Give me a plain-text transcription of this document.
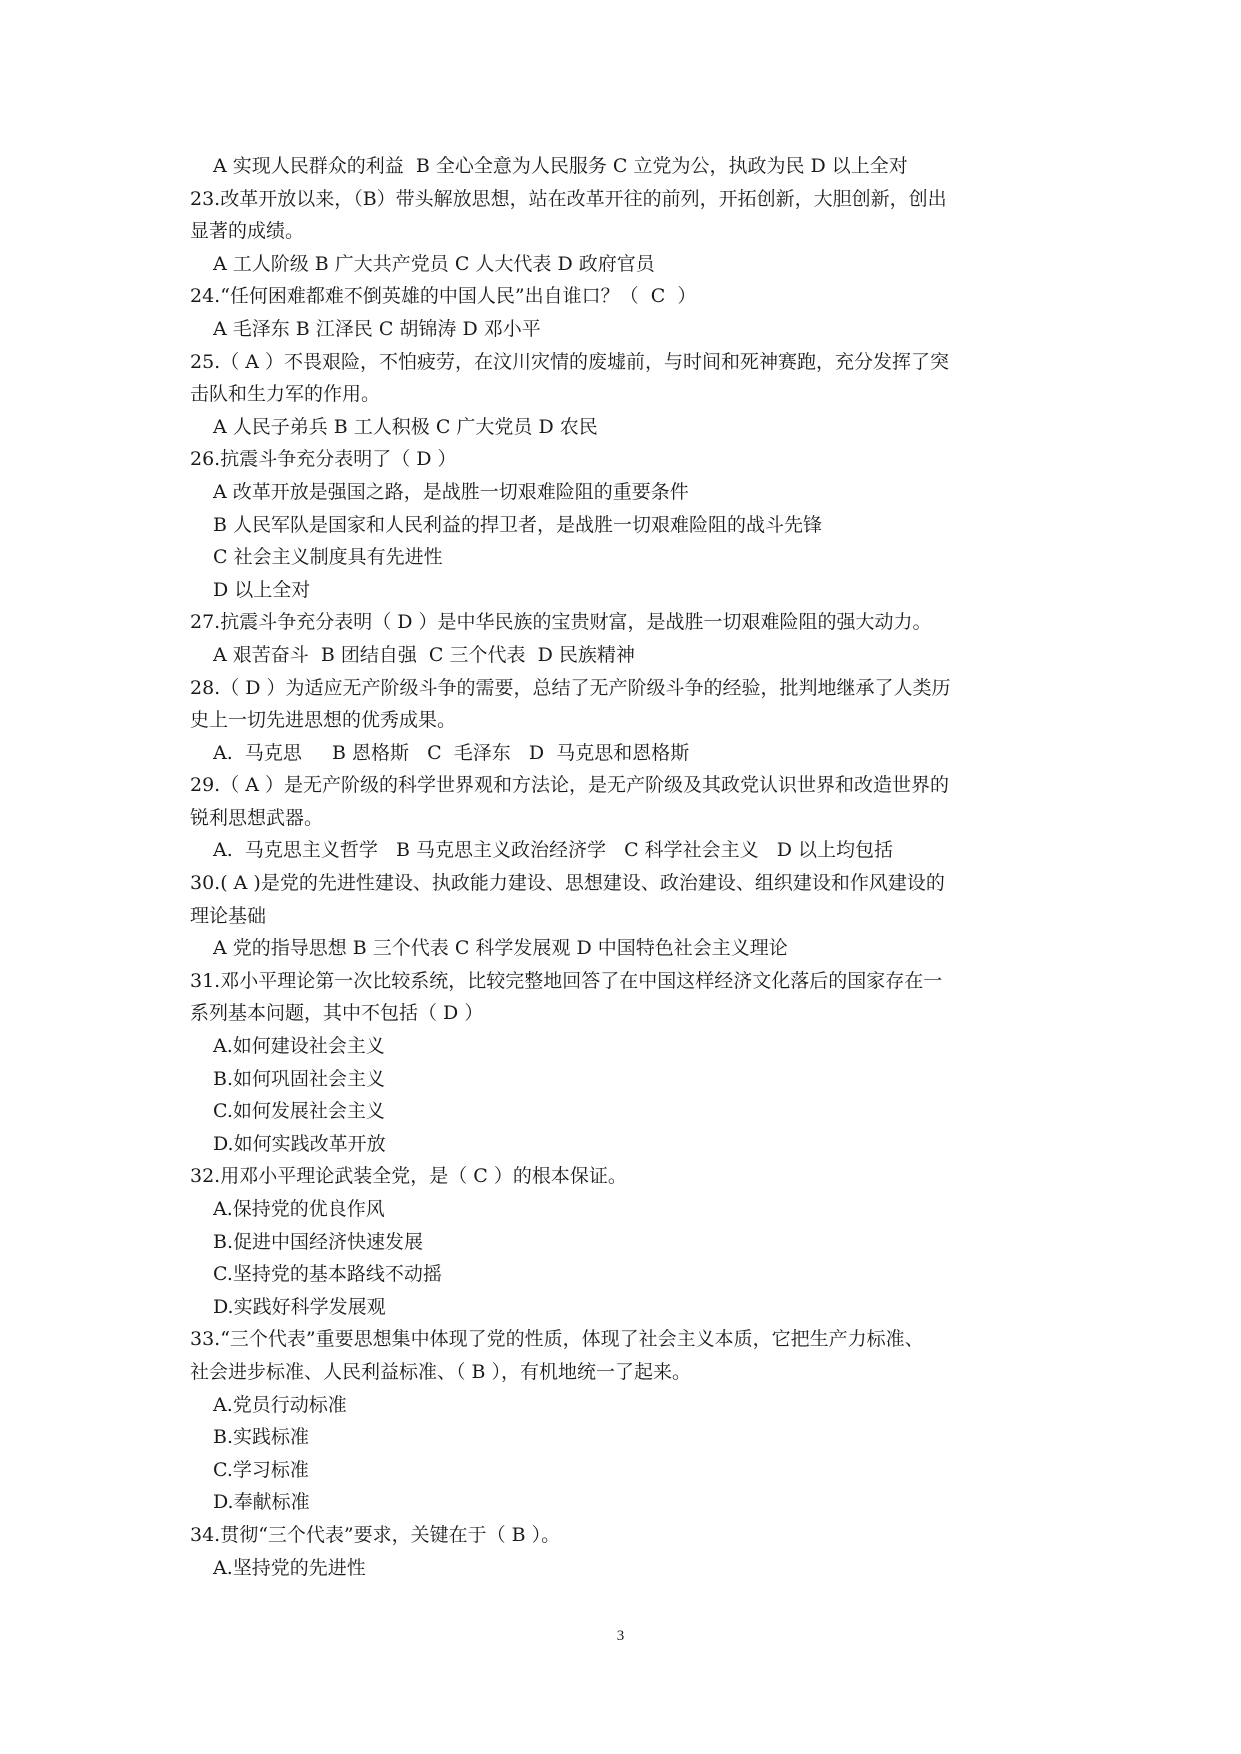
A 实现人民群众的利益  B 全心全意为人民服务 C 立党为公，执政为民 D 以上全对
23.改革开放以来，（B）带头解放思想，站在改革开往的前列，开拓创新，大胆创新，创出
显著的成绩。
A 工人阶级 B 广大共产党员 C 人大代表 D 政府官员
24.“任何困难都难不倒英雄的中国人民”出自谁口？（  C  ）
A 毛泽东 B 江泽民 C 胡锦涛 D 邓小平
25.（ A ）不畏艰险，不怕疲劳，在汶川灾情的废墟前，与时间和死神赛跑，充分发挥了突
击队和生力军的作用。
A 人民子弟兵 B 工人积极 C 广大党员 D 农民
26.抗震斗争充分表明了（ D ）
A 改革开放是强国之路，是战胜一切艰难险阻的重要条件
B 人民军队是国家和人民利益的捍卫者，是战胜一切艰难险阻的战斗先锋
C 社会主义制度具有先进性
D 以上全对
27.抗震斗争充分表明（ D ）是中华民族的宝贵财富，是战胜一切艰难险阻的强大动力。
A 艰苦奋斗  B 团结自强  C 三个代表  D 民族精神
28.（ D ）为适应无产阶级斗争的需要，总结了无产阶级斗争的经验，批判地继承了人类历
史上一切先进思想的优秀成果。
A.  马克思     B 恩格斯   C  毛泽东   D  马克思和恩格斯
29.（ A ）是无产阶级的科学世界观和方法论，是无产阶级及其政党认识世界和改造世界的
锐利思想武器。
A.  马克思主义哲学   B 马克思主义政治经济学   C 科学社会主义   D 以上均包括
30.( A )是党的先进性建设、执政能力建设、思想建设、政治建设、组织建设和作风建设的
理论基础
A 党的指导思想 B 三个代表 C 科学发展观 D 中国特色社会主义理论
31.邓小平理论第一次比较系统，比较完整地回答了在中国这样经济文化落后的国家存在一
系列基本问题，其中不包括（ D ）
A.如何建设社会主义
B.如何巩固社会主义
C.如何发展社会主义
D.如何实践改革开放
32.用邓小平理论武装全党，是（ C ）的根本保证。
A.保持党的优良作风
B.促进中国经济快速发展
C.坚持党的基本路线不动摇
D.实践好科学发展观
33.“三个代表”重要思想集中体现了党的性质，体现了社会主义本质，它把生产力标准、
社会进步标准、人民利益标准、（ B ），有机地统一了起来。
A.党员行动标准
B.实践标准
C.学习标准
D.奉献标准
34.贯彻“三个代表”要求，关键在于（ B ）。
A.坚持党的先进性
3
